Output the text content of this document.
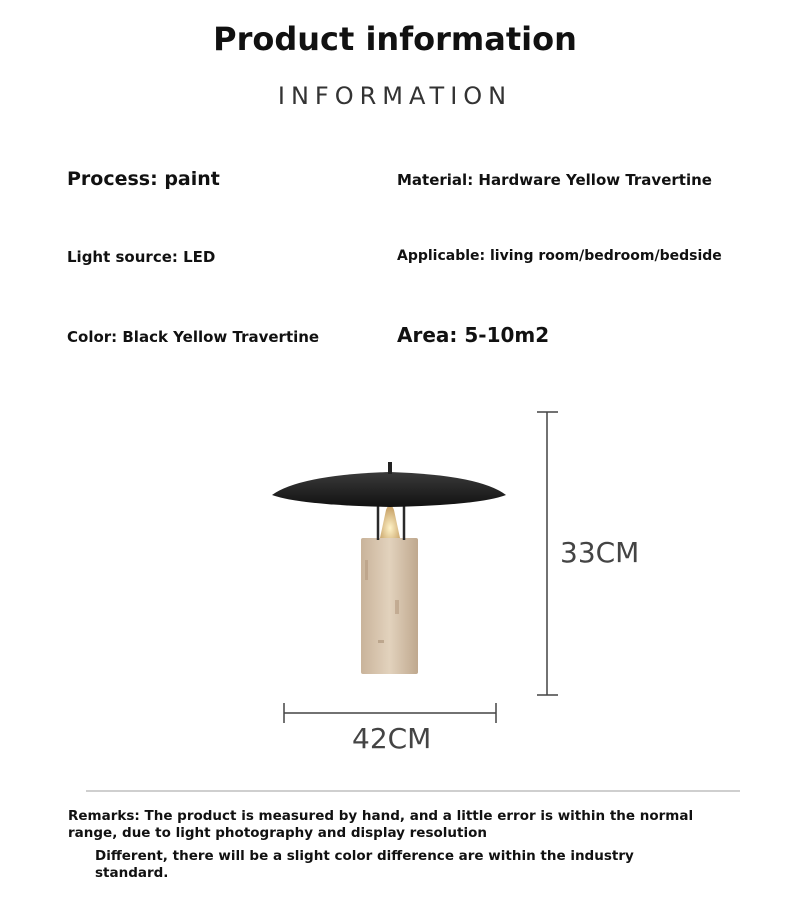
Product information
INFORMATION
Process: paint	Material: Hardware Yellow Travertine
Light source: LED	Applicable: living room/bedroom/bedside
Color: Black Yellow Travertine	Area: 5-10m2
33CM
42CM
Remarks: The product is measured by hand, and a little error is within the normal range, due to light photography and display resolution
Different, there will be a slight color difference are within the industry standard.
